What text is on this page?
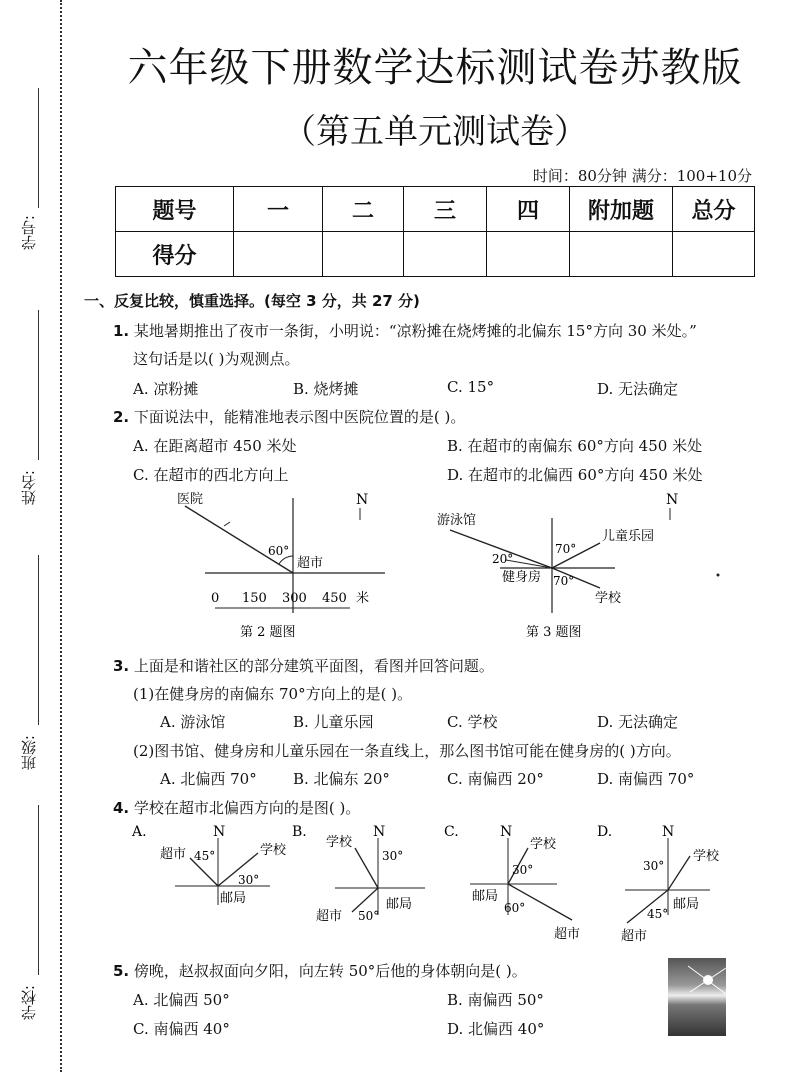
学号:
姓名:
班级:
学校:
六年级下册数学达标测试卷苏教版
（第五单元测试卷）
时间：80分钟 满分：100+10分
题号	一	二	三	四	附加题	总分
得分						
一、反复比较，慎重选择。(每空 3 分，共 27 分)
1. 某地暑期推出了夜市一条街，小明说：“凉粉摊在烧烤摊的北偏东 15°方向 30 米处。”
这句话是以( )为观测点。
A. 凉粉摊	B. 烧烤摊	C. 15°	D. 无法确定
2. 下面说法中，能精准地表示图中医院位置的是( )。
A. 在距离超市 450 米处	B. 在超市的南偏东 60°方向 450 米处
C. 在超市的西北方向上	D. 在超市的北偏西 60°方向 450 米处
医院
超市
60°
N
0 150 300 450 米
第 2 题图
游泳馆
儿童乐园
健身房
学校
70°
20°
70°
N
第 3 题图
3. 上面是和谐社区的部分建筑平面图，看图并回答问题。
(1)在健身房的南偏东 70°方向上的是( )。
A. 游泳馆	B. 儿童乐园	C. 学校	D. 无法确定
(2)图书馆、健身房和儿童乐园在一条直线上，那么图书馆可能在健身房的( )方向。
A. 北偏西 70° B. 北偏东 20°	C. 南偏西 20°	D. 南偏西 70°
4. 学校在超市北偏西方向的是图( )。
A.	N
超市	学校
邮局
45°
30°
B.	N
学校
超市
邮局
30°
50°
C.	N
学校
邮局
超市
30°
60°
D.	N
学校
邮局
超市
30°
45°
5. 傍晚，赵叔叔面向夕阳，向左转 50°后他的身体朝向是( )。
A. 北偏西 50°	B. 南偏西 50°
C. 南偏西 40°	D. 北偏西 40°
